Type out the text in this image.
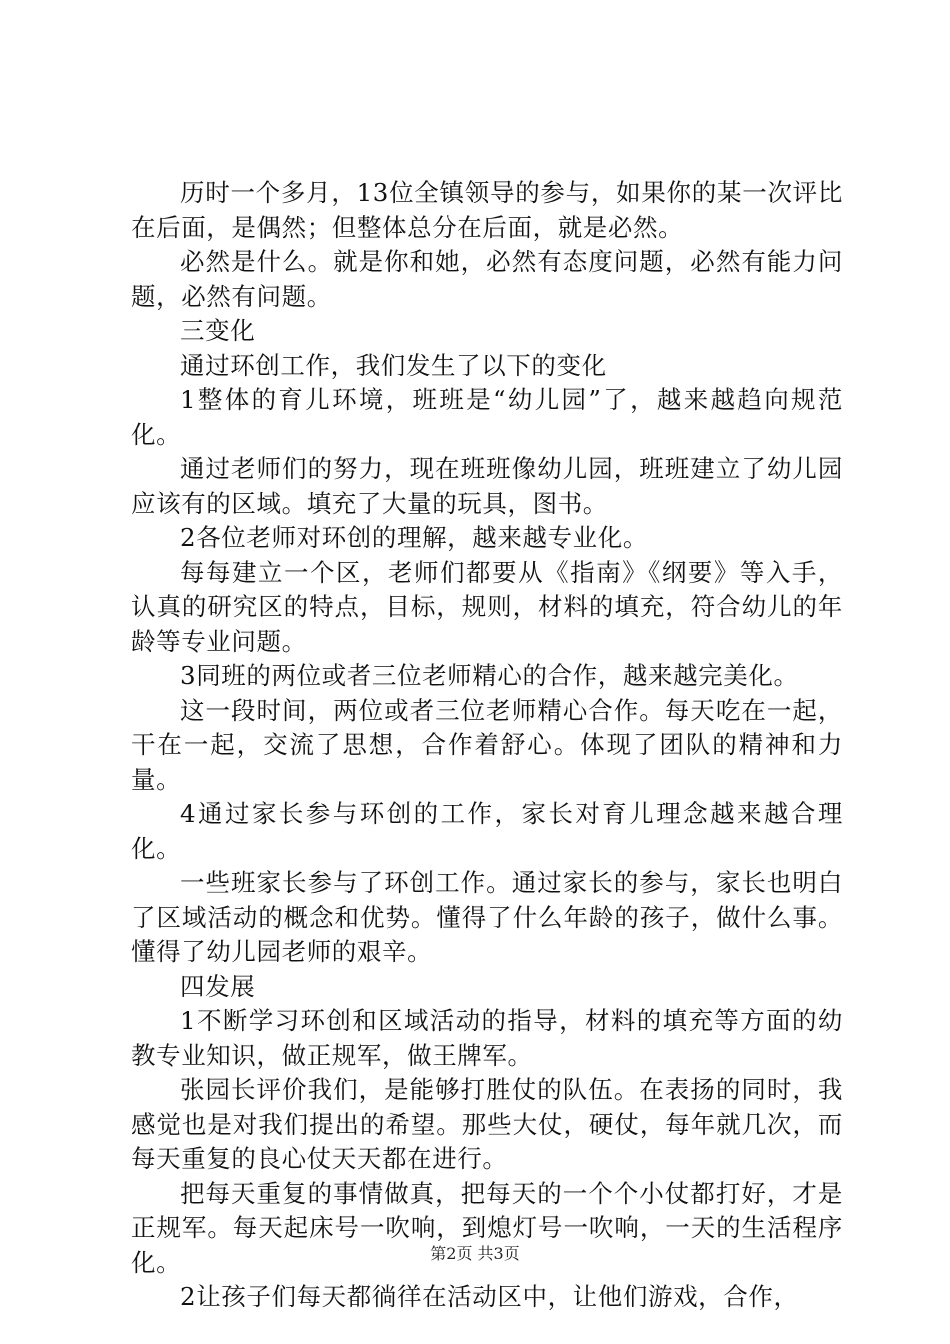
历时一个多月，13位全镇领导的参与，如果你的某一次评比在后面，是偶然；但整体总分在后面，就是必然。

必然是什么。就是你和她，必然有态度问题，必然有能力问题，必然有问题。

三变化

通过环创工作，我们发生了以下的变化

1整体的育儿环境，班班是“幼儿园”了，越来越趋向规范化。

通过老师们的努力，现在班班像幼儿园，班班建立了幼儿园应该有的区域。填充了大量的玩具，图书。

2各位老师对环创的理解，越来越专业化。

每每建立一个区，老师们都要从《指南》《纲要》等入手，认真的研究区的特点，目标，规则，材料的填充，符合幼儿的年龄等专业问题。

3同班的两位或者三位老师精心的合作，越来越完美化。

这一段时间，两位或者三位老师精心合作。每天吃在一起，干在一起，交流了思想，合作着舒心。体现了团队的精神和力量。

4通过家长参与环创的工作，家长对育儿理念越来越合理化。

一些班家长参与了环创工作。通过家长的参与，家长也明白了区域活动的概念和优势。懂得了什么年龄的孩子，做什么事。懂得了幼儿园老师的艰辛。

四发展

1不断学习环创和区域活动的指导，材料的填充等方面的幼教专业知识，做正规军，做王牌军。

张园长评价我们，是能够打胜仗的队伍。在表扬的同时，我感觉也是对我们提出的希望。那些大仗，硬仗，每年就几次，而每天重复的良心仗天天都在进行。

把每天重复的事情做真，把每天的一个个小仗都打好，才是正规军。每天起床号一吹响，到熄灯号一吹响，一天的生活程序化。

2让孩子们每天都徜徉在活动区中，让他们游戏，合作，

第2页 共3页
